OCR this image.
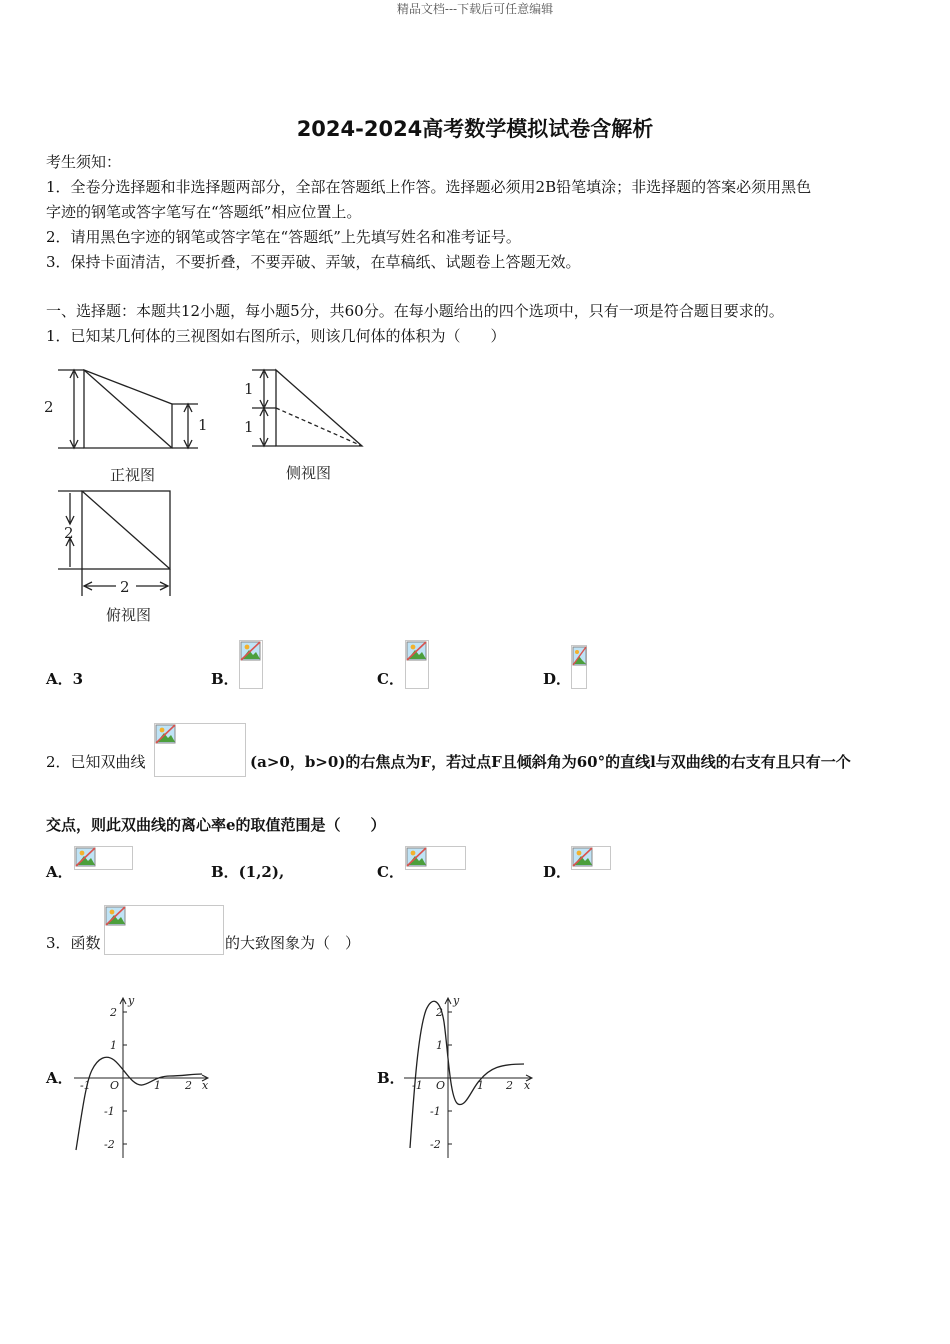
精品文档---下载后可任意编辑
2024-2024高考数学模拟试卷含解析
考生须知：
1．全卷分选择题和非选择题两部分，全部在答题纸上作答。选择题必须用2B铅笔填涂；非选择题的答案必须用黑色
字迹的钢笔或答字笔写在“答题纸”相应位置上。
2．请用黑色字迹的钢笔或答字笔在“答题纸”上先填写姓名和准考证号。
3．保持卡面清洁，不要折叠，不要弄破、弄皱，在草稿纸、试题卷上答题无效。
一、选择题：本题共12小题，每小题5分，共60分。在每小题给出的四个选项中，只有一项是符合题目要求的。
1．已知某几何体的三视图如右图所示，则该几何体的体积为（　　）
2
1
1
1
2
2
正视图	侧视图
俯视图
A．3	B．	C．	D．
2．已知双曲线	(a>0，b>0)的右焦点为F，若过点F且倾斜角为60°的直线l与双曲线的右支有且只有一个
交点，则此双曲线的离心率e的取值范围是（　　）
A．	B．(1,2),	C．	D．
3．函数	的大致图象为（　）
A．
y
x
O
2
1
-1
-2
-1	1 2	B．
y
x
O
2
1
-1
-2
-1	1 2
